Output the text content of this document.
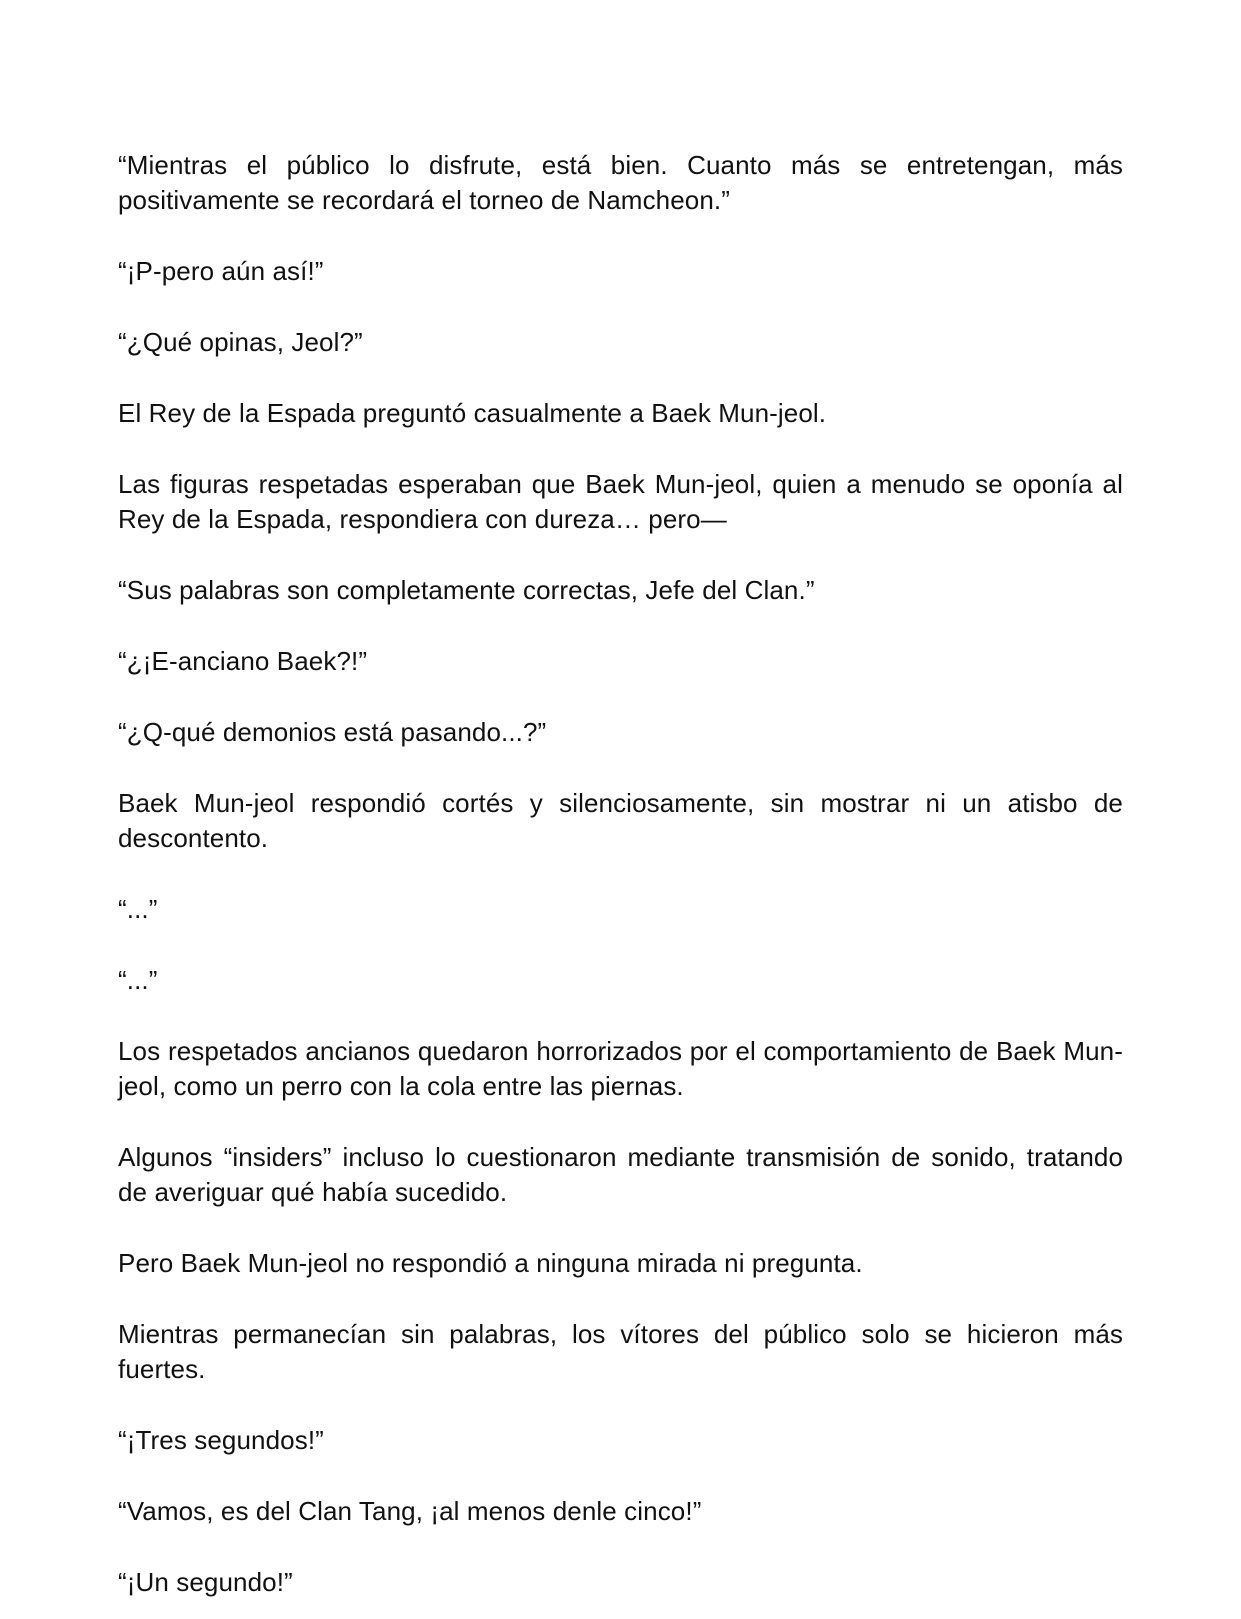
“Mientras el público lo disfrute, está bien. Cuanto más se entretengan, más positivamente se recordará el torneo de Namcheon.”

“¡P-pero aún así!”

“¿Qué opinas, Jeol?”

El Rey de la Espada preguntó casualmente a Baek Mun-jeol.

Las figuras respetadas esperaban que Baek Mun-jeol, quien a menudo se oponía al Rey de la Espada, respondiera con dureza… pero—

“Sus palabras son completamente correctas, Jefe del Clan.”

“¿¡E-anciano Baek?!”

“¿Q-qué demonios está pasando...?”

Baek Mun-jeol respondió cortés y silenciosamente, sin mostrar ni un atisbo de descontento.

“...”

“...”

Los respetados ancianos quedaron horrorizados por el comportamiento de Baek Mun-jeol, como un perro con la cola entre las piernas.

Algunos “insiders” incluso lo cuestionaron mediante transmisión de sonido, tratando de averiguar qué había sucedido.

Pero Baek Mun-jeol no respondió a ninguna mirada ni pregunta.

Mientras permanecían sin palabras, los vítores del público solo se hicieron más fuertes.

“¡Tres segundos!”

“Vamos, es del Clan Tang, ¡al menos denle cinco!”

“¡Un segundo!”
